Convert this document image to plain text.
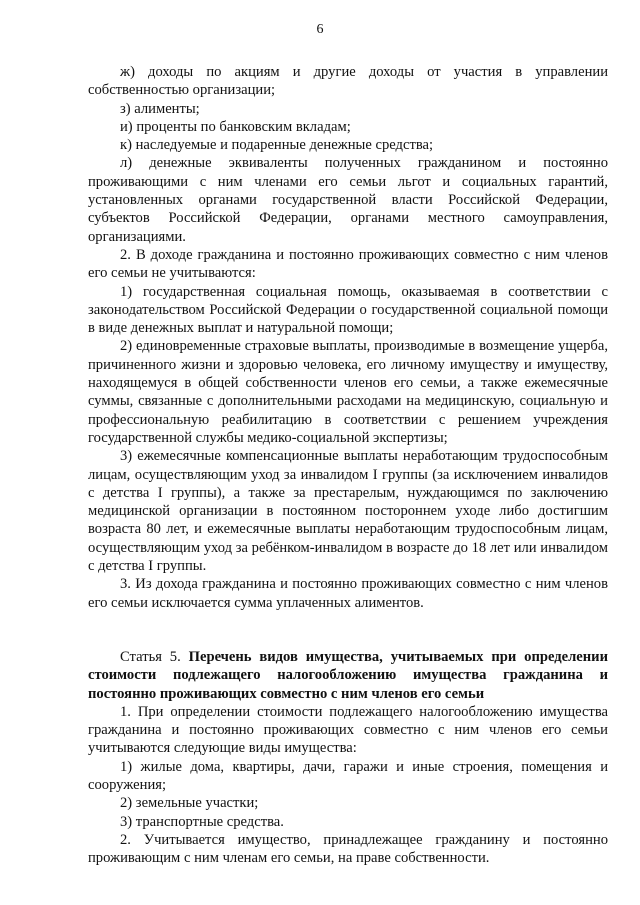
6

ж) доходы по акциям и другие доходы от участия в управлении собственностью организации;

з) алименты;

и) проценты по банковским вкладам;

к) наследуемые и подаренные денежные средства;

л) денежные эквиваленты полученных гражданином и постоянно проживающими с ним членами его семьи льгот и социальных гарантий, установленных органами государственной власти Российской Федерации, субъектов Российской Федерации, органами местного самоуправления, организациями.

2. В доходе гражданина и постоянно проживающих совместно с ним членов его семьи не учитываются:

1) государственная социальная помощь, оказываемая в соответствии с законодательством Российской Федерации о государственной социальной помощи в виде денежных выплат и натуральной помощи;

2) единовременные страховые выплаты, производимые в возмещение ущерба, причиненного жизни и здоровью человека, его личному имуществу и имуществу, находящемуся в общей собственности членов его семьи, а также ежемесячные суммы, связанные с дополнительными расходами на медицинскую, социальную и профессиональную реабилитацию в соответствии с решением учреждения государственной службы медико-социальной экспертизы;

3) ежемесячные компенсационные выплаты неработающим трудоспособным лицам, осуществляющим уход за инвалидом I группы (за исключением инвалидов с детства I группы), а также за престарелым, нуждающимся по заключению медицинской организации в постоянном постороннем уходе либо достигшим возраста 80 лет, и ежемесячные выплаты неработающим трудоспособным лицам, осуществляющим уход за ребёнком-инвалидом в возрасте до 18 лет или инвалидом с детства I группы.

3. Из дохода гражданина и постоянно проживающих совместно с ним членов его семьи исключается сумма уплаченных алиментов.

Статья 5. Перечень видов имущества, учитываемых при определении стоимости подлежащего налогообложению имущества гражданина и постоянно проживающих совместно с ним членов его семьи

1. При определении стоимости подлежащего налогообложению имущества гражданина и постоянно проживающих совместно с ним членов его семьи учитываются следующие виды имущества:

1) жилые дома, квартиры, дачи, гаражи и иные строения, помещения и сооружения;

2) земельные участки;

3) транспортные средства.

2. Учитывается имущество, принадлежащее гражданину и постоянно проживающим с ним членам его семьи, на праве собственности.
